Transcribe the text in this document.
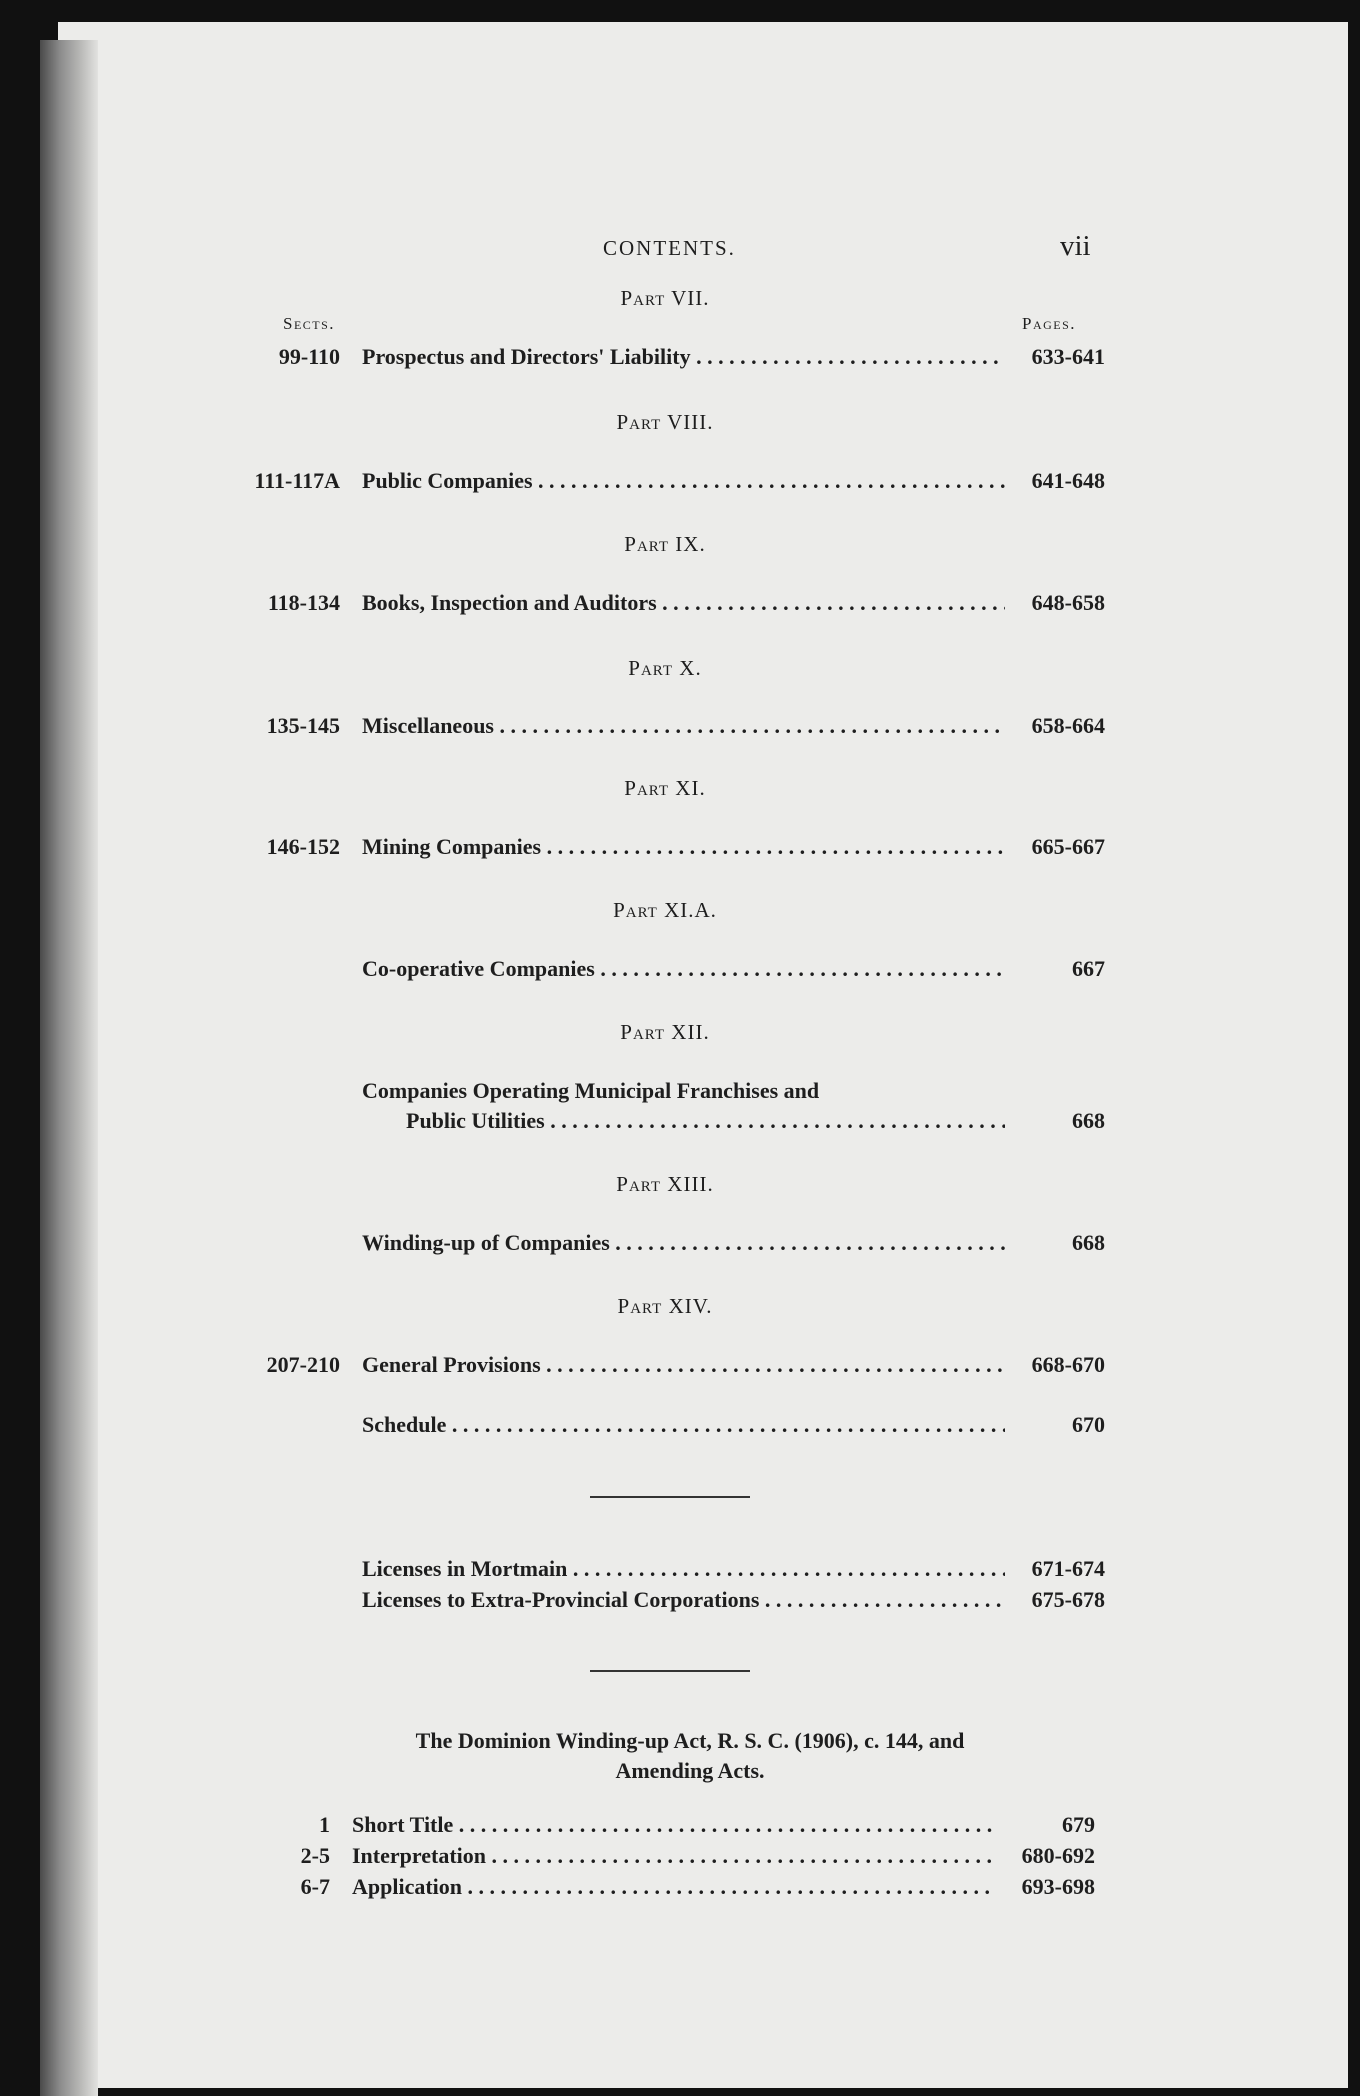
CONTENTS.	vii
Sects.	Pages.
Part VII.
99-110 Prospectus and Directors' Liability . . .	633-641
Part VIII.
111-117A Public Companies . . .	641-648
Part IX.
118-134 Books, Inspection and Auditors . . .	648-658
Part X.
135-145 Miscellaneous . . .	658-664
Part XI.
146-152 Mining Companies . . .	665-667
Part XI.A.
Co-operative Companies . . .	667
Part XII.
Companies Operating Municipal Franchises and
Public Utilities . . .	668
Part XIII.
Winding-up of Companies . . .	668
Part XIV.
207-210 General Provisions . . .	668-670
Schedule . . .	670
Licenses in Mortmain . . .	671-674
Licenses to Extra-Provincial Corporations . . .	675-678
The Dominion Winding-up Act, R. S. C. (1906), c. 144, and
Amending Acts.
1 Short Title . . .	679
2-5 Interpretation . . .	680-692
6-7 Application . . .	693-698
